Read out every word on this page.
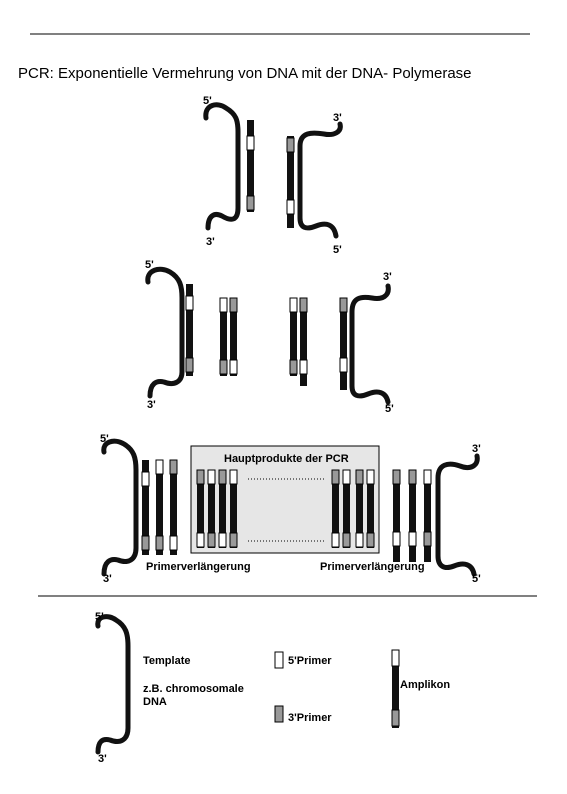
PCR: Exponentielle Vermehrung von DNA mit der DNA- Polymerase
5'
3'
3'
5'
5'
3'
3'
5'
Hauptprodukte der PCR
5'
3'
3'
5'
Primerverlängerung	Primerverlängerung
5'
3'
Template
z.B. chromosomale
DNA
5'Primer
3'Primer
Amplikon
